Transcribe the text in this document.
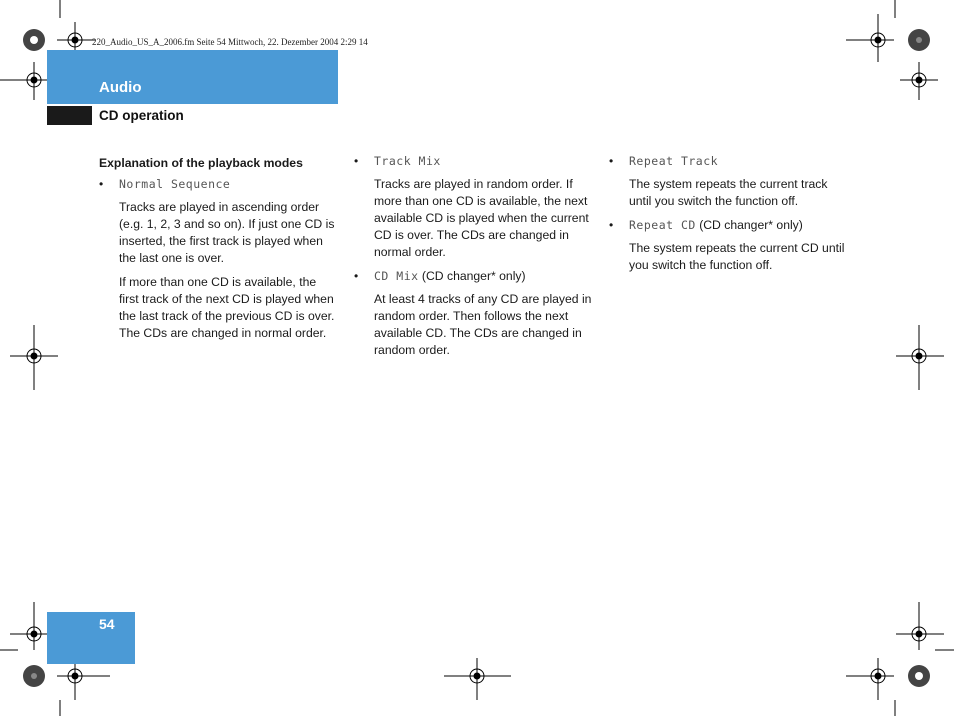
220_Audio_US_A_2006.fm Seite 54 Mittwoch, 22. Dezember 2004 2:29 14
Audio
CD operation
Explanation of the playback modes
• Normal Sequence

Tracks are played in ascending order (e.g. 1, 2, 3 and so on). If just one CD is inserted, the first track is played when the last one is over.

If more than one CD is available, the first track of the next CD is played when the last track of the previous CD is over. The CDs are changed in normal order.

• Track Mix

Tracks are played in random order. If more than one CD is available, the next available CD is played when the current CD is over. The CDs are changed in normal order.

• CD Mix (CD changer* only)

At least 4 tracks of any CD are played in random order. Then follows the next available CD. The CDs are changed in random order.

• Repeat Track

The system repeats the current track until you switch the function off.

• Repeat CD (CD changer* only)

The system repeats the current CD until you switch the function off.

54
